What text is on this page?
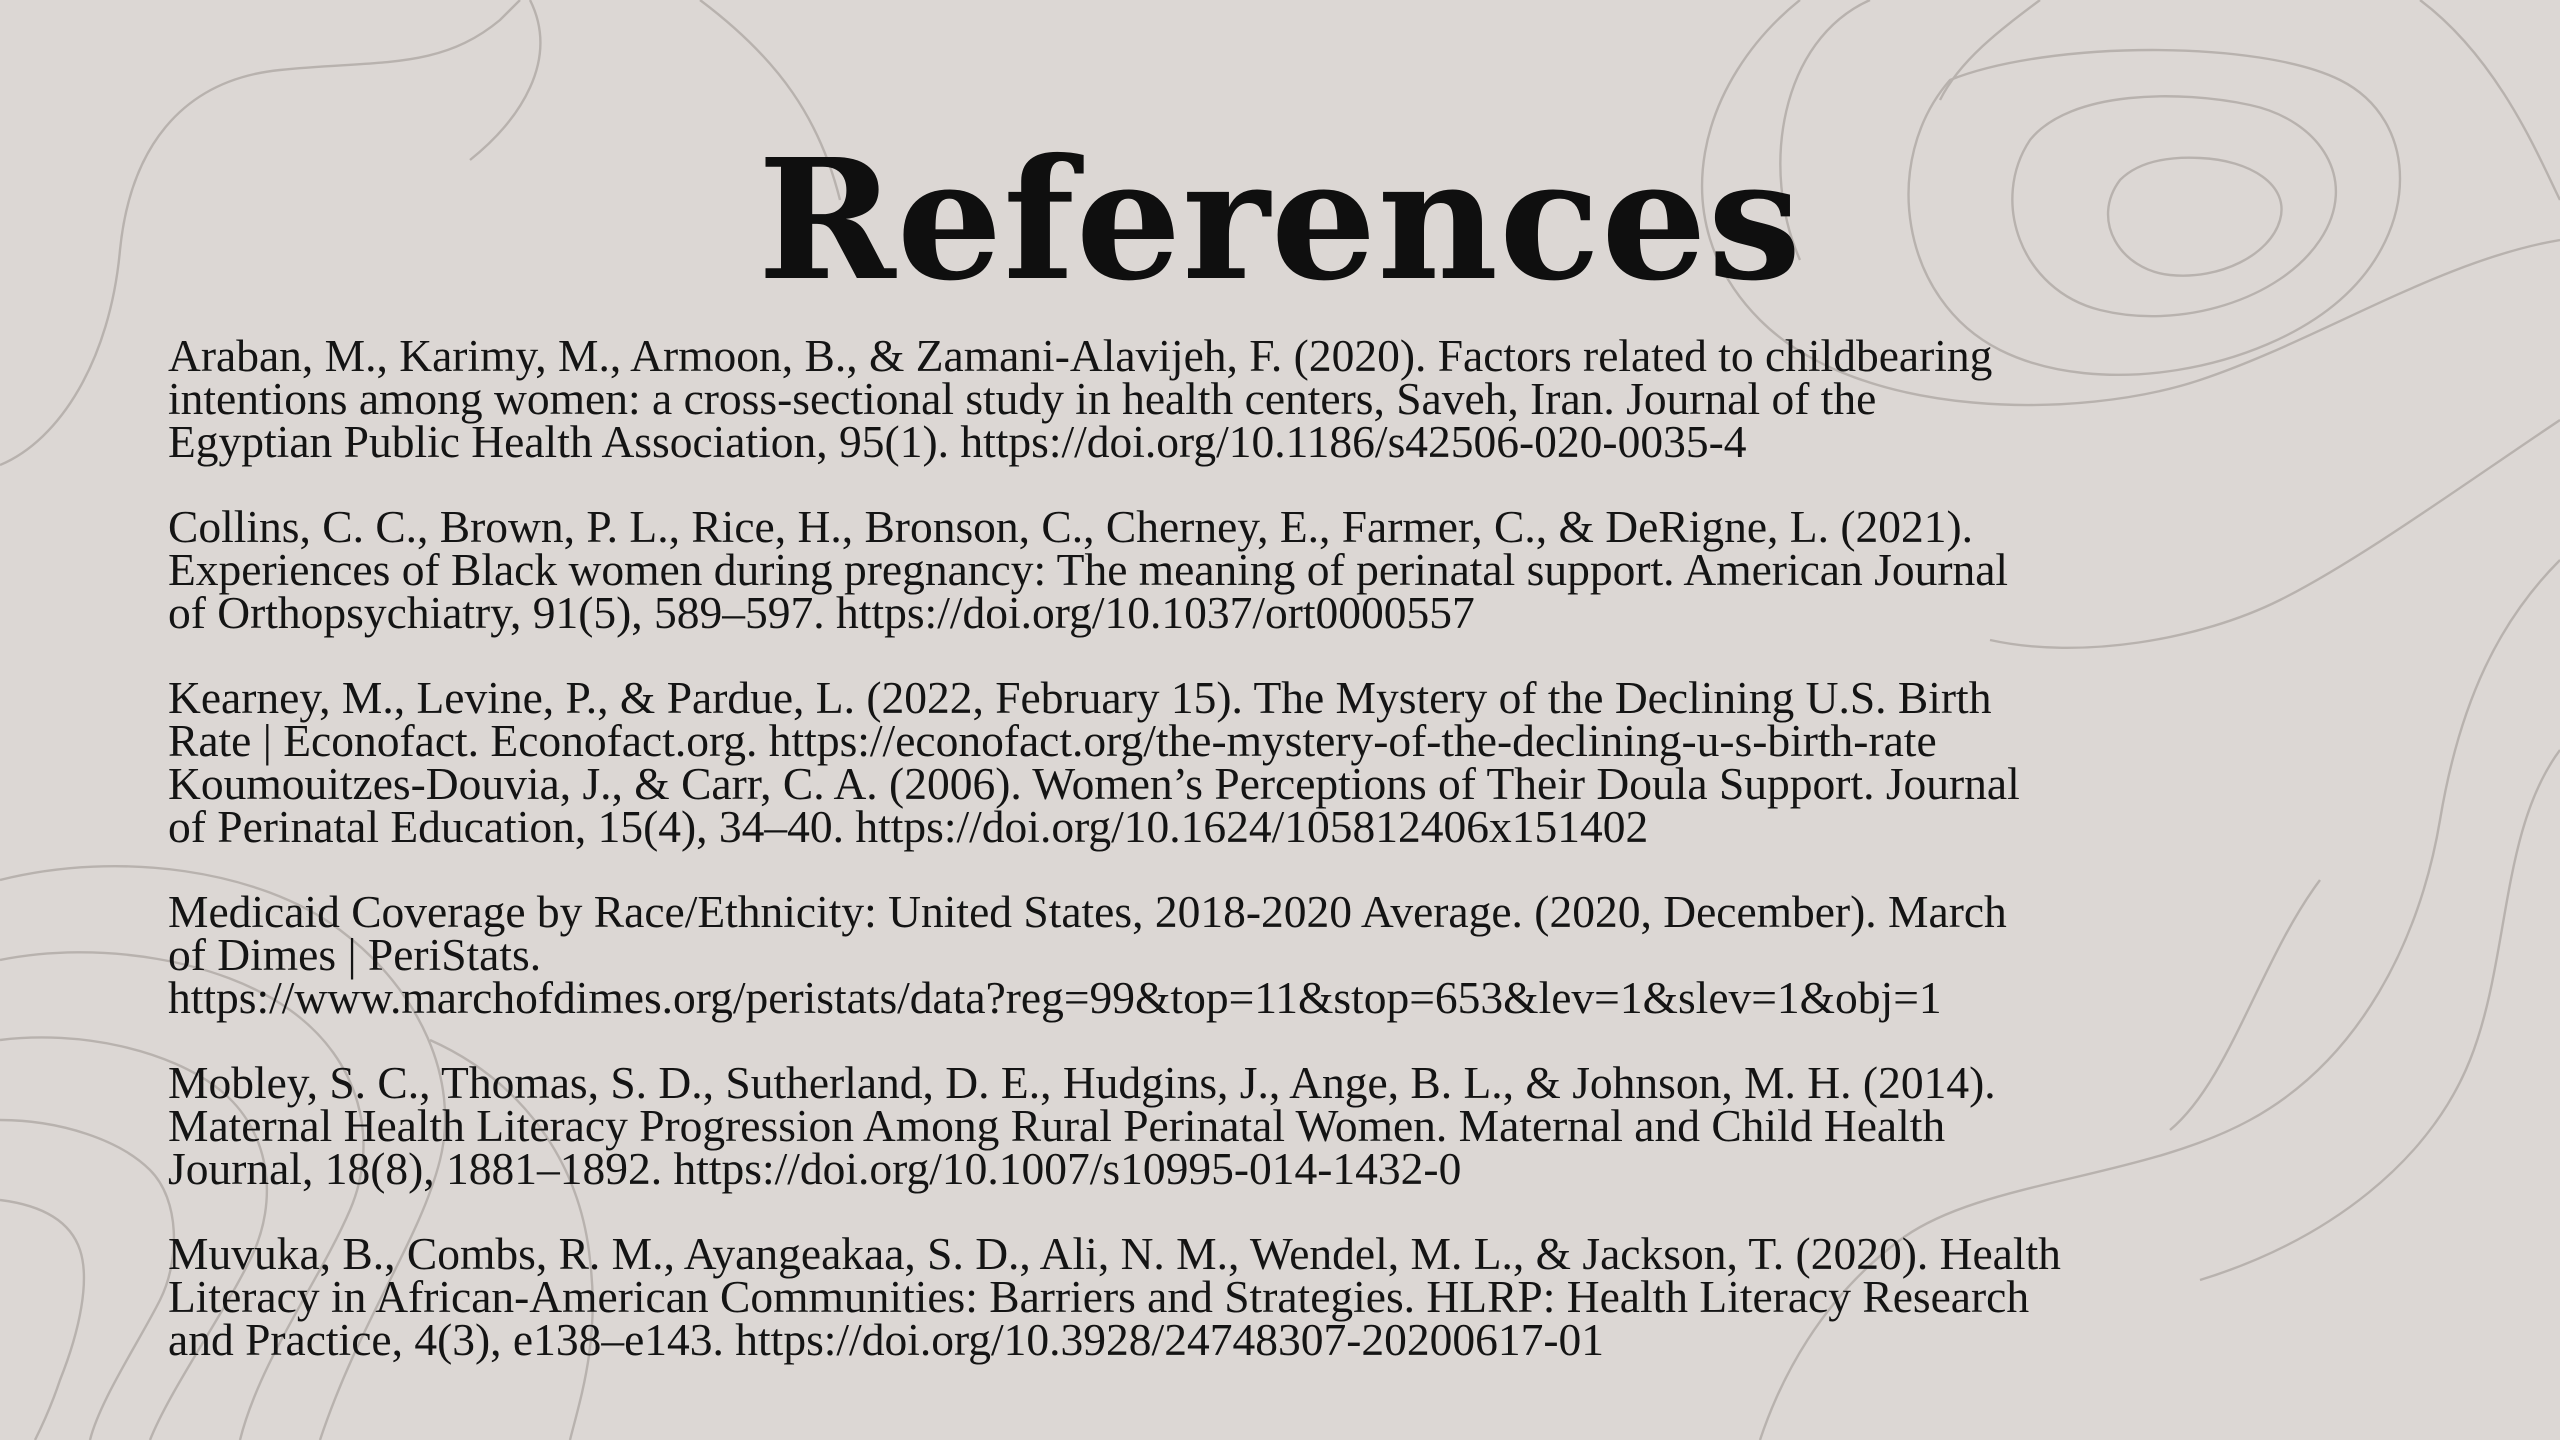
References
Araban, M., Karimy, M., Armoon, B., & Zamani-Alavijeh, F. (2020). Factors related to childbearing
intentions among women: a cross-sectional study in health centers, Saveh, Iran. Journal of the
Egyptian Public Health Association, 95(1). https://doi.org/10.1186/s42506-020-0035-4
Collins, C. C., Brown, P. L., Rice, H., Bronson, C., Cherney, E., Farmer, C., & DeRigne, L. (2021).
Experiences of Black women during pregnancy: The meaning of perinatal support. American Journal
of Orthopsychiatry, 91(5), 589–597. https://doi.org/10.1037/ort0000557
Kearney, M., Levine, P., & Pardue, L. (2022, February 15). The Mystery of the Declining U.S. Birth
Rate | Econofact. Econofact.org. https://econofact.org/the-mystery-of-the-declining-u-s-birth-rate
Koumouitzes-Douvia, J., & Carr, C. A. (2006). Women’s Perceptions of Their Doula Support. Journal
of Perinatal Education, 15(4), 34–40. https://doi.org/10.1624/105812406x151402
Medicaid Coverage by Race/Ethnicity: United States, 2018-2020 Average. (2020, December). March
of Dimes | PeriStats.
https://www.marchofdimes.org/peristats/data?reg=99&top=11&stop=653&lev=1&slev=1&obj=1
Mobley, S. C., Thomas, S. D., Sutherland, D. E., Hudgins, J., Ange, B. L., & Johnson, M. H. (2014).
Maternal Health Literacy Progression Among Rural Perinatal Women. Maternal and Child Health
Journal, 18(8), 1881–1892. https://doi.org/10.1007/s10995-014-1432-0
Muvuka, B., Combs, R. M., Ayangeakaa, S. D., Ali, N. M., Wendel, M. L., & Jackson, T. (2020). Health
Literacy in African-American Communities: Barriers and Strategies. HLRP: Health Literacy Research
and Practice, 4(3), e138–e143. https://doi.org/10.3928/24748307-20200617-01
